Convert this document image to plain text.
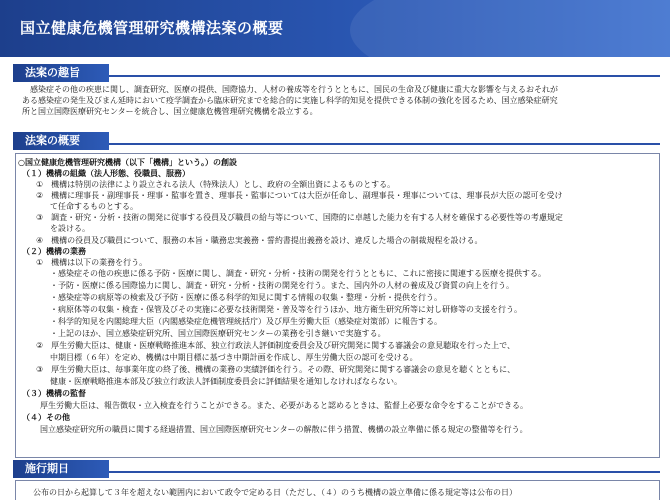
国立健康危機管理研究機構法案の概要
法案の趣旨
感染症その他の疾患に関し、調査研究、医療の提供、国際協力、人材の養成等を行うとともに、国民の生命及び健康に重大な影響を与えるおそれが
ある感染症の発生及びまん延時において疫学調査から臨床研究までを総合的に実施し科学的知見を提供できる体制の強化を図るため、国立感染症研究
所と国立国際医療研究センターを統合し、国立健康危機管理研究機構を設立する。
法案の概要
○国立健康危機管理研究機構（以下「機構」という。）の創設
（１）機構の組織（法人形態、役職員、服務）
①　機構は特別の法律により設立される法人（特殊法人）とし、政府の全額出資によるものとする。
②　機構に理事長・副理事長・理事・監事を置き、理事長・監事については大臣が任命し、副理事長・理事については、理事長が大臣の認可を受け
て任命するものとする。
③　調査・研究・分析・技術の開発に従事する役員及び職員の給与等について、国際的に卓越した能力を有する人材を確保する必要性等の考慮規定
を設ける。
④　機構の役員及び職員について、服務の本旨・職務忠実義務・誓約書提出義務を設け、違反した場合の制裁規程を設ける。
（２）機構の業務
①　機構は以下の業務を行う。
・感染症その他の疾患に係る予防・医療に関し、調査・研究・分析・技術の開発を行うとともに、これに密接に関連する医療を提供する。
・予防・医療に係る国際協力に関し、調査・研究・分析・技術の開発を行う。また、国内外の人材の養成及び資質の向上を行う。
・感染症等の病原等の検索及び予防・医療に係る科学的知見に関する情報の収集・整理・分析・提供を行う。
・病原体等の収集・検査・保管及びその実施に必要な技術開発・普及等を行うほか、地方衛生研究所等に対し研修等の支援を行う。
・科学的知見を内閣総理大臣（内閣感染症危機管理統括庁）及び厚生労働大臣（感染症対策部）に報告する。
・上記のほか、国立感染症研究所、国立国際医療研究センターの業務を引き継いで実施する。
②　厚生労働大臣は、健康・医療戦略推進本部、独立行政法人評価制度委員会及び研究開発に関する審議会の意見聴取を行った上で、
中期目標（６年）を定め、機構は中期目標に基づき中期計画を作成し、厚生労働大臣の認可を受ける。
③　厚生労働大臣は、毎事業年度の終了後、機構の業務の実績評価を行う。その際、研究開発に関する審議会の意見を聴くとともに、
健康・医療戦略推進本部及び独立行政法人評価制度委員会に評価結果を通知しなければならない。
（３）機構の監督
厚生労働大臣は、報告徴収・立入検査を行うことができる。また、必要があると認めるときは、監督上必要な命令をすることができる。
（４）その他
国立感染症研究所の職員に関する経過措置、国立国際医療研究センターの解散に伴う措置、機構の設立準備に係る規定の整備等を行う。
施行期日
公布の日から起算して３年を超えない範囲内において政令で定める日（ただし、（４）のうち機構の設立準備に係る規定等は公布の日）
